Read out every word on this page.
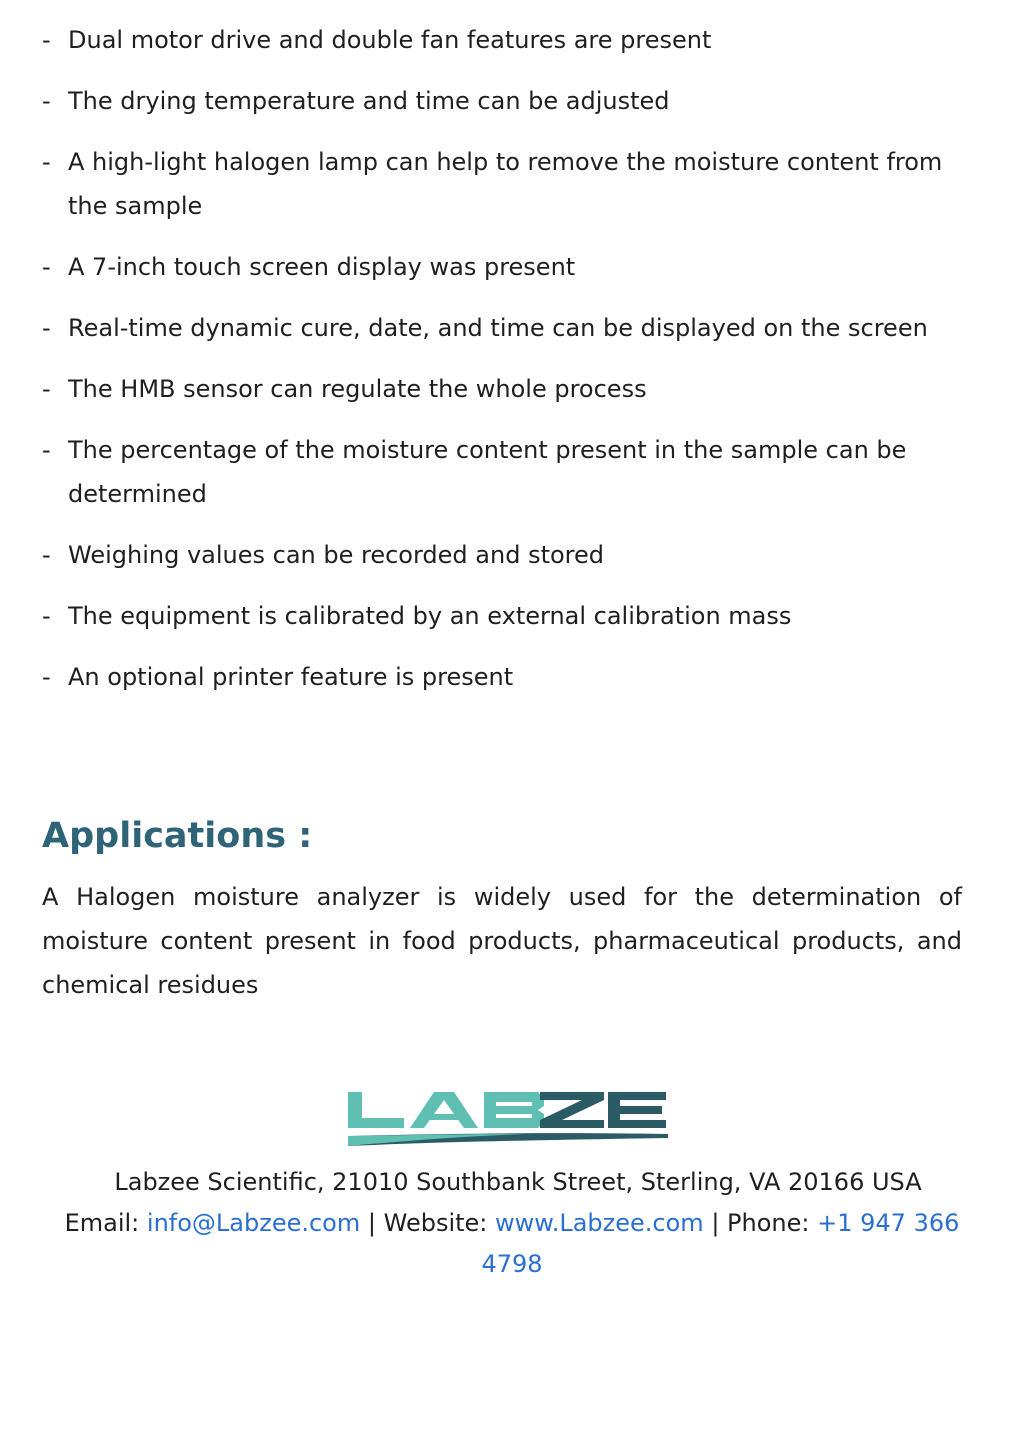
- Dual motor drive and double fan features are present
- The drying temperature and time can be adjusted
- A high-light halogen lamp can help to remove the moisture content from the sample
- A 7-inch touch screen display was present
- Real-time dynamic cure, date, and time can be displayed on the screen
- The HMB sensor can regulate the whole process
- The percentage of the moisture content present in the sample can be determined
- Weighing values can be recorded and stored
- The equipment is calibrated by an external calibration mass
- An optional printer feature is present
Applications :

A Halogen moisture analyzer is widely used for the determination of moisture content present in food products, pharmaceutical products, and chemical residues

Labzee Scientific, 21010 Southbank Street, Sterling, VA 20166 USA

Email: info@Labzee.com | Website: www.Labzee.com | Phone: +1 947 366 4798
